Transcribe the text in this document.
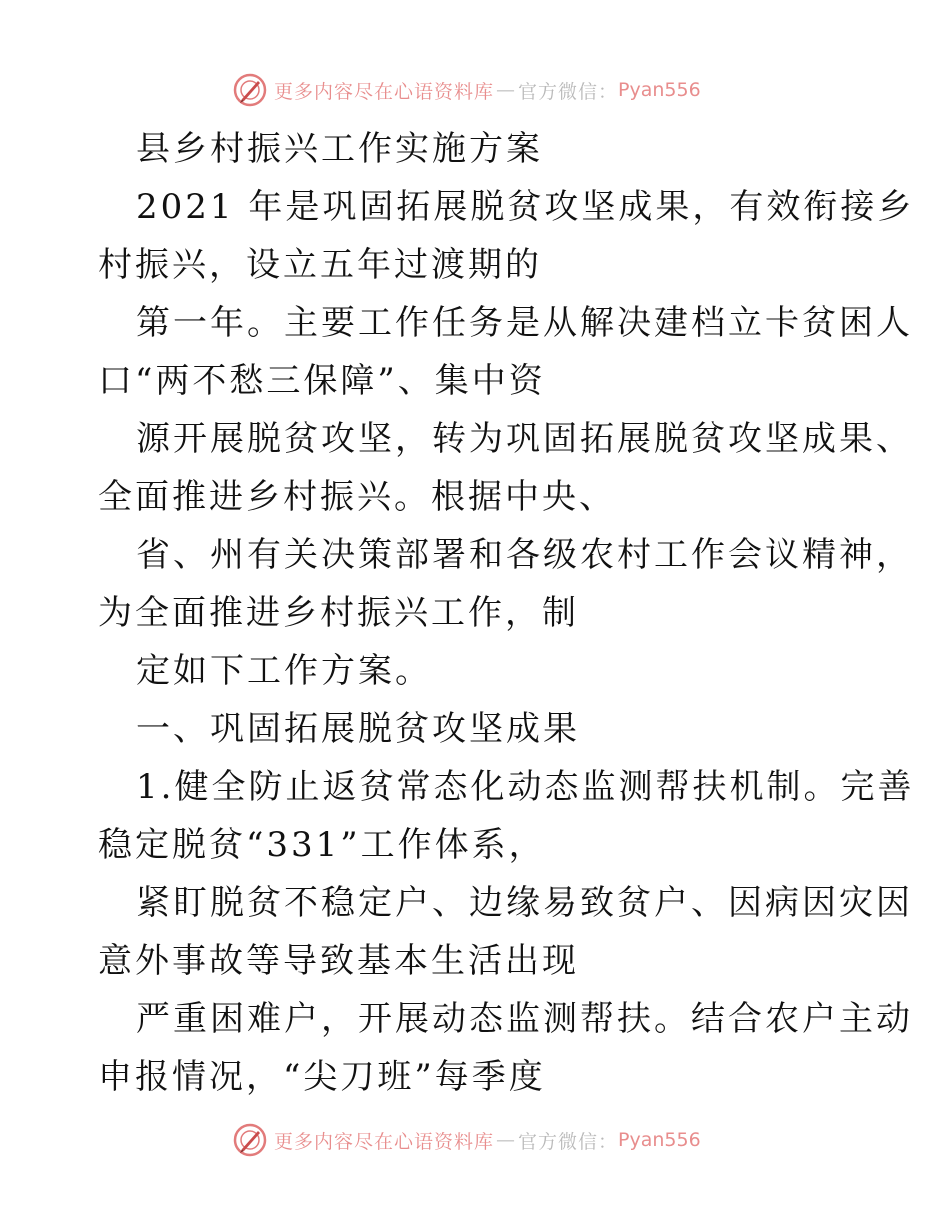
更多内容尽在心语资料库 — 官方微信： Pyan556
县乡村振兴工作实施方案
2021 年是巩固拓展脱贫攻坚成果，有效衔接乡
村振兴，设立五年过渡期的
第一年。主要工作任务是从解决建档立卡贫困人
口“两不愁三保障”、集中资
源开展脱贫攻坚，转为巩固拓展脱贫攻坚成果、
全面推进乡村振兴。根据中央、
省、州有关决策部署和各级农村工作会议精神，
为全面推进乡村振兴工作，制
定如下工作方案。
一、巩固拓展脱贫攻坚成果
1.健全防止返贫常态化动态监测帮扶机制。完善
稳定脱贫“331”工作体系，
紧盯脱贫不稳定户、边缘易致贫户、因病因灾因
意外事故等导致基本生活出现
严重困难户，开展动态监测帮扶。结合农户主动
申报情况，“尖刀班”每季度
更多内容尽在心语资料库 — 官方微信： Pyan556
